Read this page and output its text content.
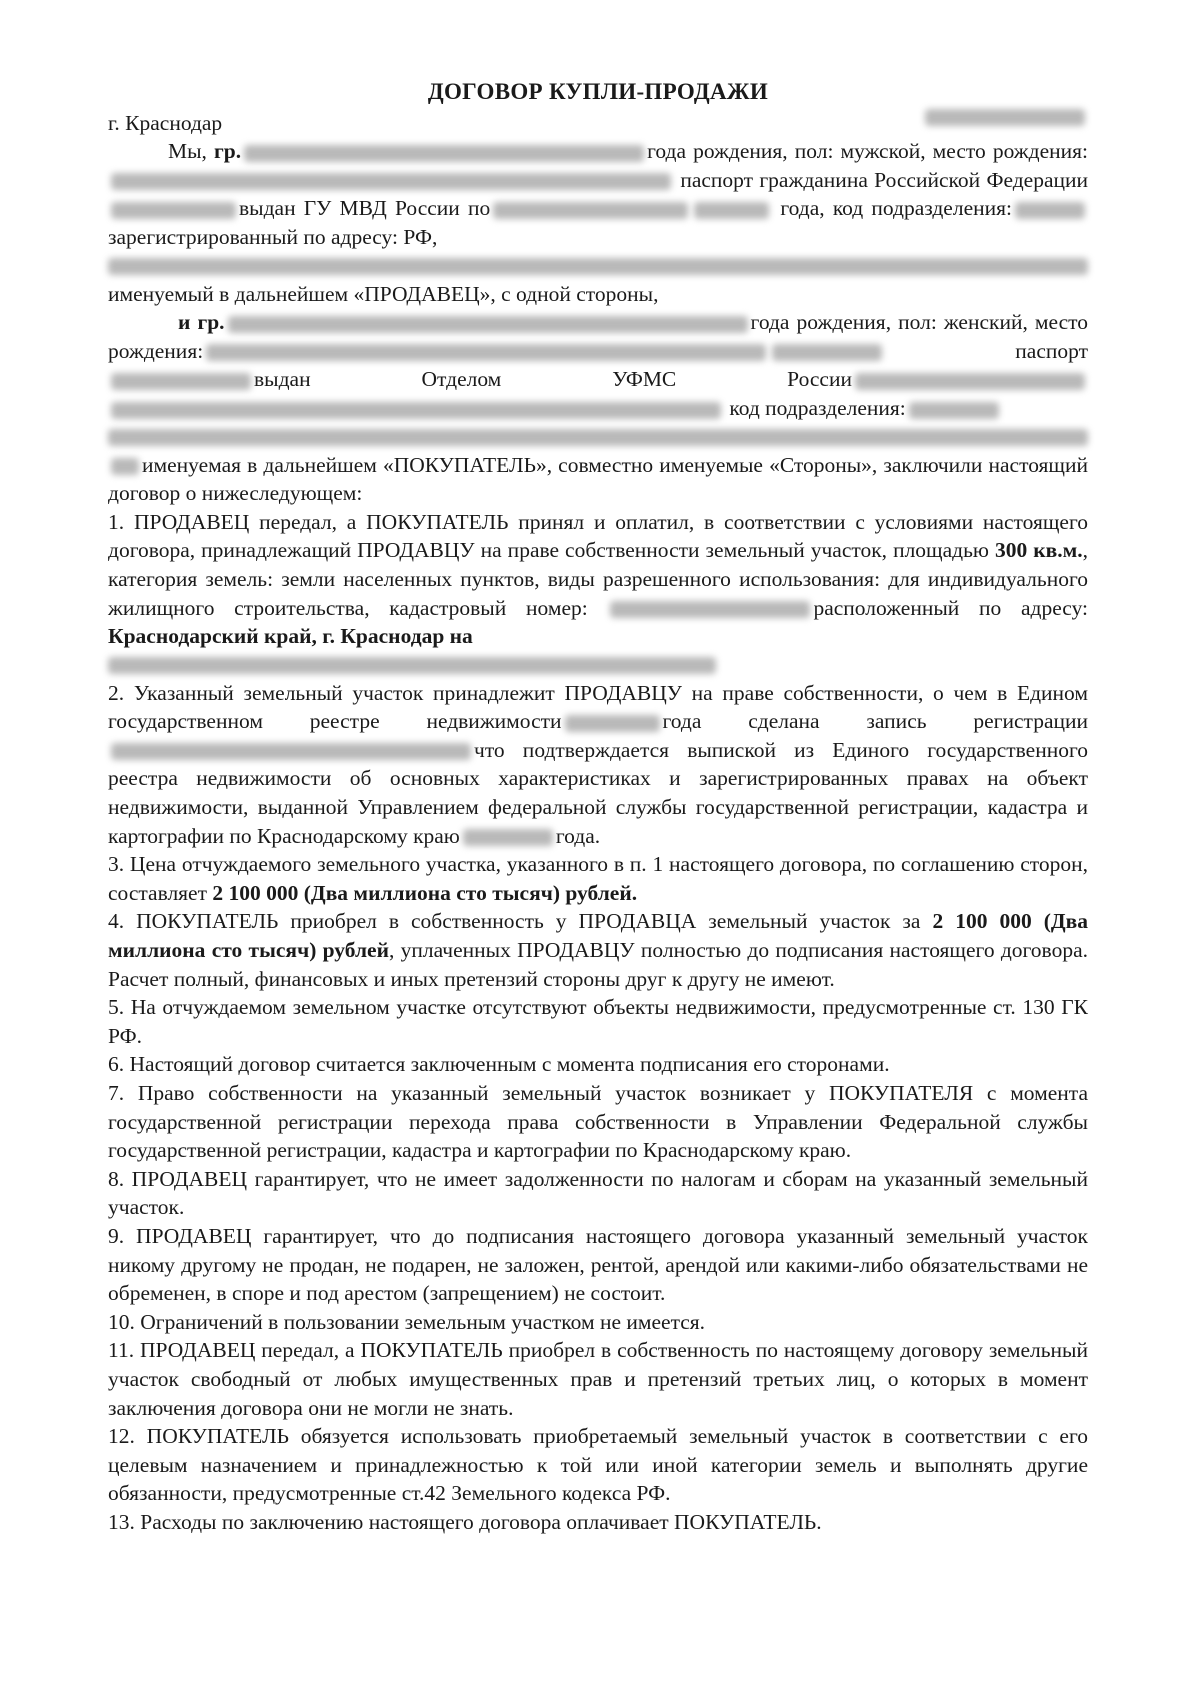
ДОГОВОР КУПЛИ-ПРОДАЖИ
г. Краснодар

Мы, гр.	года рождения, пол: мужской, место рождения: паспорт гражданина Российской Федерациивыдан ГУ МВД России по	года, код подразделения:зарегистрированный по адресу: РФ,

именуемый в дальнейшем «ПРОДАВЕЦ», с одной стороны,

и гр.	года рождения, пол: женский, место рождения:	паспортвыдан Отделом УФМС России код подразделения:

именуемая в дальнейшем «ПОКУПАТЕЛЬ», совместно именуемые «Стороны», заключили настоящий договор о нижеследующем:

1. ПРОДАВЕЦ передал, а ПОКУПАТЕЛЬ принял и оплатил, в соответствии с условиями настоящего договора, принадлежащий ПРОДАВЦУ на праве собственности земельный участок, площадью 300 кв.м., категория земель: земли населенных пунктов, виды разрешенного использования: для индивидуального жилищного строительства, кадастровый номер:	расположенный по адресу: Краснодарский край, г. Краснодар на

2. Указанный земельный участок принадлежит ПРОДАВЦУ на праве собственности, о чем в Едином государственном реестре недвижимости	года сделана запись регистрации что подтверждается выпиской из Единого государственного реестра недвижимости об основных характеристиках и зарегистрированных правах на объект недвижимости, выданной Управлением федеральной службы государственной регистрации, кадастра и картографии по Краснодарскому краю	года.

3. Цена отчуждаемого земельного участка, указанного в п. 1 настоящего договора, по соглашению сторон, составляет 2 100 000 (Два миллиона сто тысяч) рублей.

4. ПОКУПАТЕЛЬ приобрел в собственность у ПРОДАВЦА земельный участок за 2 100 000 (Два миллиона сто тысяч) рублей, уплаченных ПРОДАВЦУ полностью до подписания настоящего договора. Расчет полный, финансовых и иных претензий стороны друг к другу не имеют.

5. На отчуждаемом земельном участке отсутствуют объекты недвижимости, предусмотренные ст. 130 ГК РФ.

6. Настоящий договор считается заключенным с момента подписания его сторонами.

7. Право собственности на указанный земельный участок возникает у ПОКУПАТЕЛЯ с момента государственной регистрации перехода права собственности в Управлении Федеральной службы государственной регистрации, кадастра и картографии по Краснодарскому краю.

8. ПРОДАВЕЦ гарантирует, что не имеет задолженности по налогам и сборам на указанный земельный участок.

9. ПРОДАВЕЦ гарантирует, что до подписания настоящего договора указанный земельный участок никому другому не продан, не подарен, не заложен, рентой, арендой или какими-либо обязательствами не обременен, в споре и под арестом (запрещением) не состоит.

10. Ограничений в пользовании земельным участком не имеется.

11. ПРОДАВЕЦ передал, а ПОКУПАТЕЛЬ приобрел в собственность по настоящему договору земельный участок свободный от любых имущественных прав и претензий третьих лиц, о которых в момент заключения договора они не могли не знать.

12. ПОКУПАТЕЛЬ обязуется использовать приобретаемый земельный участок в соответствии с его целевым назначением и принадлежностью к той или иной категории земель и выполнять другие обязанности, предусмотренные ст.42 Земельного кодекса РФ.

13. Расходы по заключению настоящего договора оплачивает ПОКУПАТЕЛЬ.
